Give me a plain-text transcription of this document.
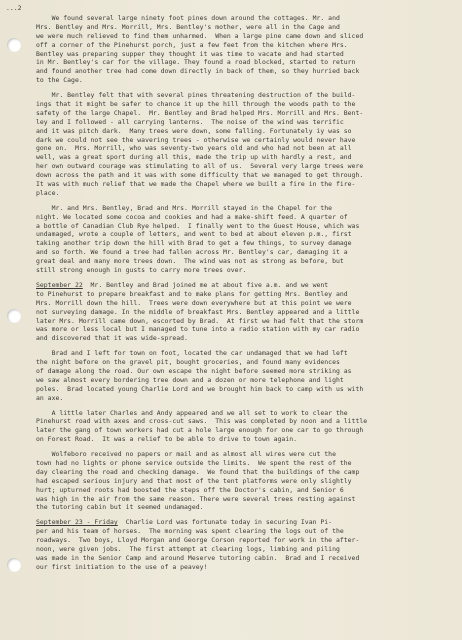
...2
We found several large ninety foot pines down around the cottages. Mr. and
Mrs. Bentley and Mrs. Morrill, Mrs. Bentley's mother, were all in the Cage and
we were much relieved to find them unharmed.  When a large pine came down and sliced
off a corner of the Pinehurst porch, just a few feet from the kitchen where Mrs.
Bentley was preparing supper they thought it was time to vacate and had started
in Mr. Bentley's car for the village. They found a road blocked, started to return
and found another tree had come down directly in back of them, so they hurried back
to the Cage.
Mr. Bentley felt that with several pines threatening destruction of the build-
ings that it might be safer to chance it up the hill through the woods path to the
safety of the large Chapel.  Mr. Bentley and Brad helped Mrs. Morrill and Mrs. Bent-
ley and I followed - all carrying lanterns.  The noise of the wind was terrific
and it was pitch dark.  Many trees were down, some falling. Fortunately iy was so
dark we could not see the wavering trees - otherwise we certainly would never have
gone on.  Mrs. Morrill, who was seventy-two years old and who had not been at all
well, was a great sport during all this, made the trip up with hardly a rest, and
her own outward courage was stimulating to all of us.  Several very large trees were
down across the path and it was with some difficulty that we managed to get through.
It was with much relief that we made the Chapel where we built a fire in the fire-
place.
Mr. and Mrs. Bentley, Brad and Mrs. Morrill stayed in the Chapel for the
night. We located some cocoa and cookies and had a make-shift feed. A quarter of
a bottle of Canadian Club Rye helped.  I finally went to the Guest House, which was
undamaged, wrote a couple of letters, and went to bed at about eleven p.m., first
taking another trip down the hill with Brad to get a few things, to survey damage
and so forth. We found a tree had fallen across Mr. Bentley's car, damaging it a
great deal and many more trees down.  The wind was not as strong as before, but
still strong enough in gusts to carry more trees over.
September 22  Mr. Bentley and Brad joined me at about five a.m. and we went
to Pinehurst to prepare breakfast and to make plans for getting Mrs. Bentley and
Mrs. Morrill down the hill.  Trees were down everywhere but at this point we were
not surveying damage. In the middle of breakfast Mrs. Bentley appeared and a little
later Mrs. Morrill came down, escorted by Brad.  At first we had felt that the storm
was more or less local but I managed to tune into a radio station with my car radio
and discovered that it was wide-spread.
Brad and I left for town on foot, located the car undamaged that we had left
the night before on the gravel pit, bought groceries, and found many evidences
of damage along the road. Our own escape the night before seemed more striking as
we saw almost every bordering tree down and a dozen or more telephone and light
poles.  Brad located young Charlie Lord and we brought him back to camp with us with
an axe.
A little later Charles and Andy appeared and we all set to work to clear the
Pinehurst road with axes and cross-cut saws.  This was completed by noon and a little
later the gang of town workers had cut a hole large enough for one car to go through
on Forest Road.  It was a relief to be able to drive to town again.
Wolfeboro received no papers or mail and as almost all wires were cut the
town had no lights or phone service outside the limits.  We spent the rest of the
day clearing the road and checking damage.  We found that the buildings of the camp
had escaped serious injury and that most of the tent platforms were only slightly
hurt; upturned roots had boosted the steps off the Doctor's cabin, and Senior 6
was high in the air from the same reason. There were several trees resting against
the tutoring cabin but it seemed undamaged.
September 23 - Friday  Charlie Lord was fortunate today in securing Ivan Pi-
per and his team of horses.  The morning was spent clearing the logs out of the
roadways.  Two boys, Lloyd Morgan and George Corson reported for work in the after-
noon, were given jobs.  The first attempt at clearing logs, limbing and piling
was made in the Senior Camp and around Meserve tutoring cabin.  Brad and I received
our first initiation to the use of a peavey!
